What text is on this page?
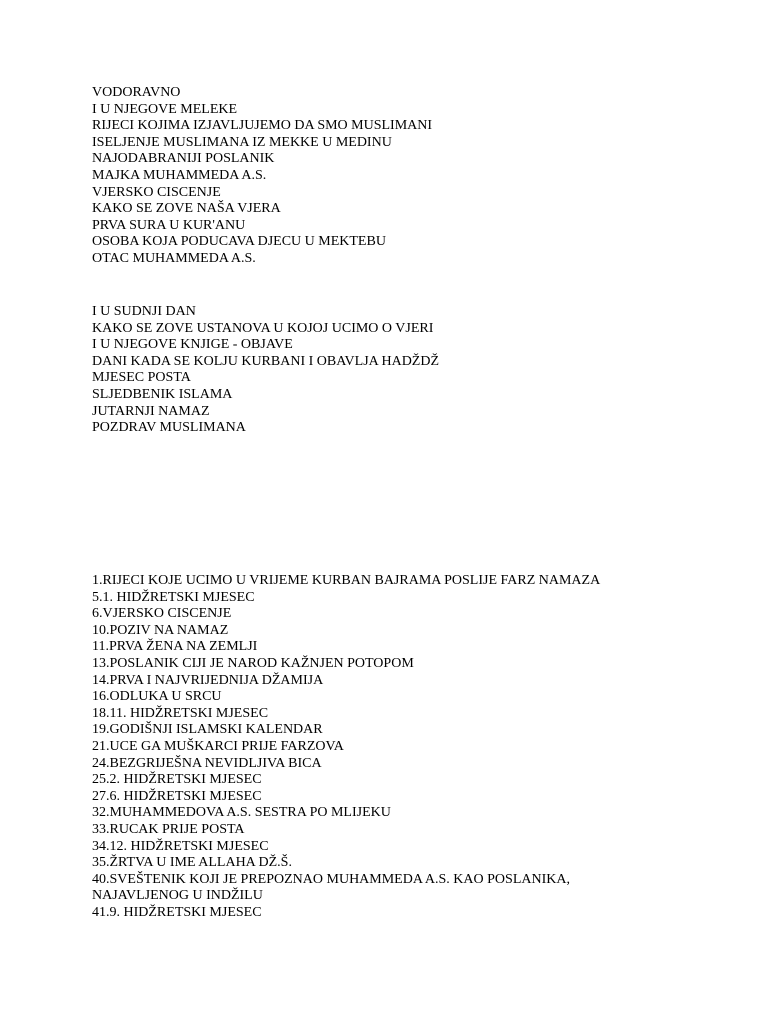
VODORAVNO
I U NJEGOVE MELEKE
RIJECI KOJIMA IZJAVLJUJEMO DA SMO MUSLIMANI
ISELJENJE MUSLIMANA IZ MEKKE U MEDINU
NAJODABRANIJI POSLANIK
MAJKA MUHAMMEDA A.S.
VJERSKO CISCENJE
KAKO SE ZOVE NAŠA VJERA
PRVA SURA U KUR'ANU
OSOBA KOJA PODUCAVA DJECU U MEKTEBU
OTAC MUHAMMEDA A.S.
I U SUDNJI DAN
KAKO SE ZOVE USTANOVA U KOJOJ UCIMO O VJERI
I U NJEGOVE KNJIGE - OBJAVE
DANI KADA SE KOLJU KURBANI I OBAVLJA HADŽDŽ
MJESEC POSTA
SLJEDBENIK ISLAMA
JUTARNJI NAMAZ
POZDRAV MUSLIMANA
1.RIJECI KOJE UCIMO U VRIJEME KURBAN BAJRAMA POSLIJE FARZ NAMAZA
5.1. HIDŽRETSKI MJESEC
6.VJERSKO CISCENJE
10.POZIV NA NAMAZ
11.PRVA ŽENA NA ZEMLJI
13.POSLANIK CIJI JE NAROD KAŽNJEN POTOPOM
14.PRVA I NAJVRIJEDNIJA DŽAMIJA
16.ODLUKA U SRCU
18.11. HIDŽRETSKI MJESEC
19.GODIŠNJI ISLAMSKI KALENDAR
21.UCE GA MUŠKARCI PRIJE FARZOVA
24.BEZGRIJEŠNA NEVIDLJIVA BICA
25.2. HIDŽRETSKI MJESEC
27.6. HIDŽRETSKI MJESEC
32.MUHAMMEDOVA A.S. SESTRA PO MLIJEKU
33.RUCAK PRIJE POSTA
34.12. HIDŽRETSKI MJESEC
35.ŽRTVA U IME ALLAHA DŽ.Š.
40.SVEŠTENIK KOJI JE PREPOZNAO MUHAMMEDA A.S. KAO POSLANIKA,
NAJAVLJENOG U INDŽILU
41.9. HIDŽRETSKI MJESEC
